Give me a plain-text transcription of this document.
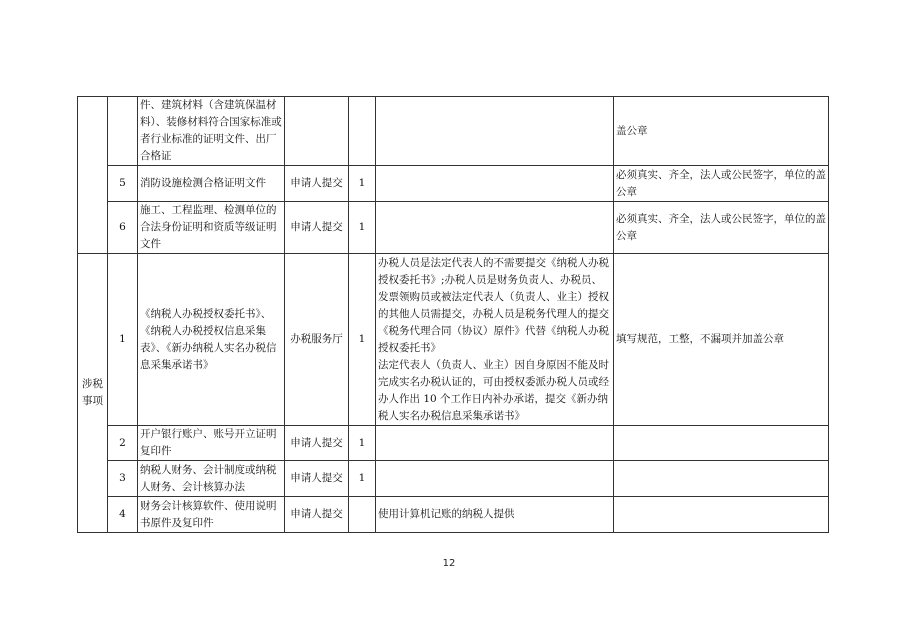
		件、建筑材料（含建筑保温材料）、装修材料符合国家标准或者行业标准的证明文件、出厂合格证				盖公章
	5	消防设施检测合格证明文件	申请人提交	1		必须真实、齐全，法人或公民签字，单位的盖公章
	6	施工、工程监理、检测单位的合法身份证明和资质等级证明文件	申请人提交	1		必须真实、齐全，法人或公民签字，单位的盖公章
涉税事项	1	《纳税人办税授权委托书》、《纳税人办税授权信息采集表》、《新办纳税人实名办税信息采集承诺书》	办税服务厅	1	办税人员是法定代表人的不需要提交《纳税人办税授权委托书》;办税人员是财务负责人、办税员、发票领购员或被法定代表人（负责人、业主）授权的其他人员需提交，办税人员是税务代理人的提交《税务代理合同（协议）原件》代替《纳税人办税授权委托书》
法定代表人（负责人、业主）因自身原因不能及时完成实名办税认证的，可由授权委派办税人员或经办人作出 10 个工作日内补办承诺，提交《新办纳税人实名办税信息采集承诺书》	填写规范，工整，不漏项并加盖公章
	2	开户银行账户、账号开立证明复印件	申请人提交	1	

	3	纳税人财务、会计制度或纳税人财务、会计核算办法	申请人提交	1	

	4	财务会计核算软件、使用说明书原件及复印件	申请人提交		使用计算机记账的纳税人提供	

12
